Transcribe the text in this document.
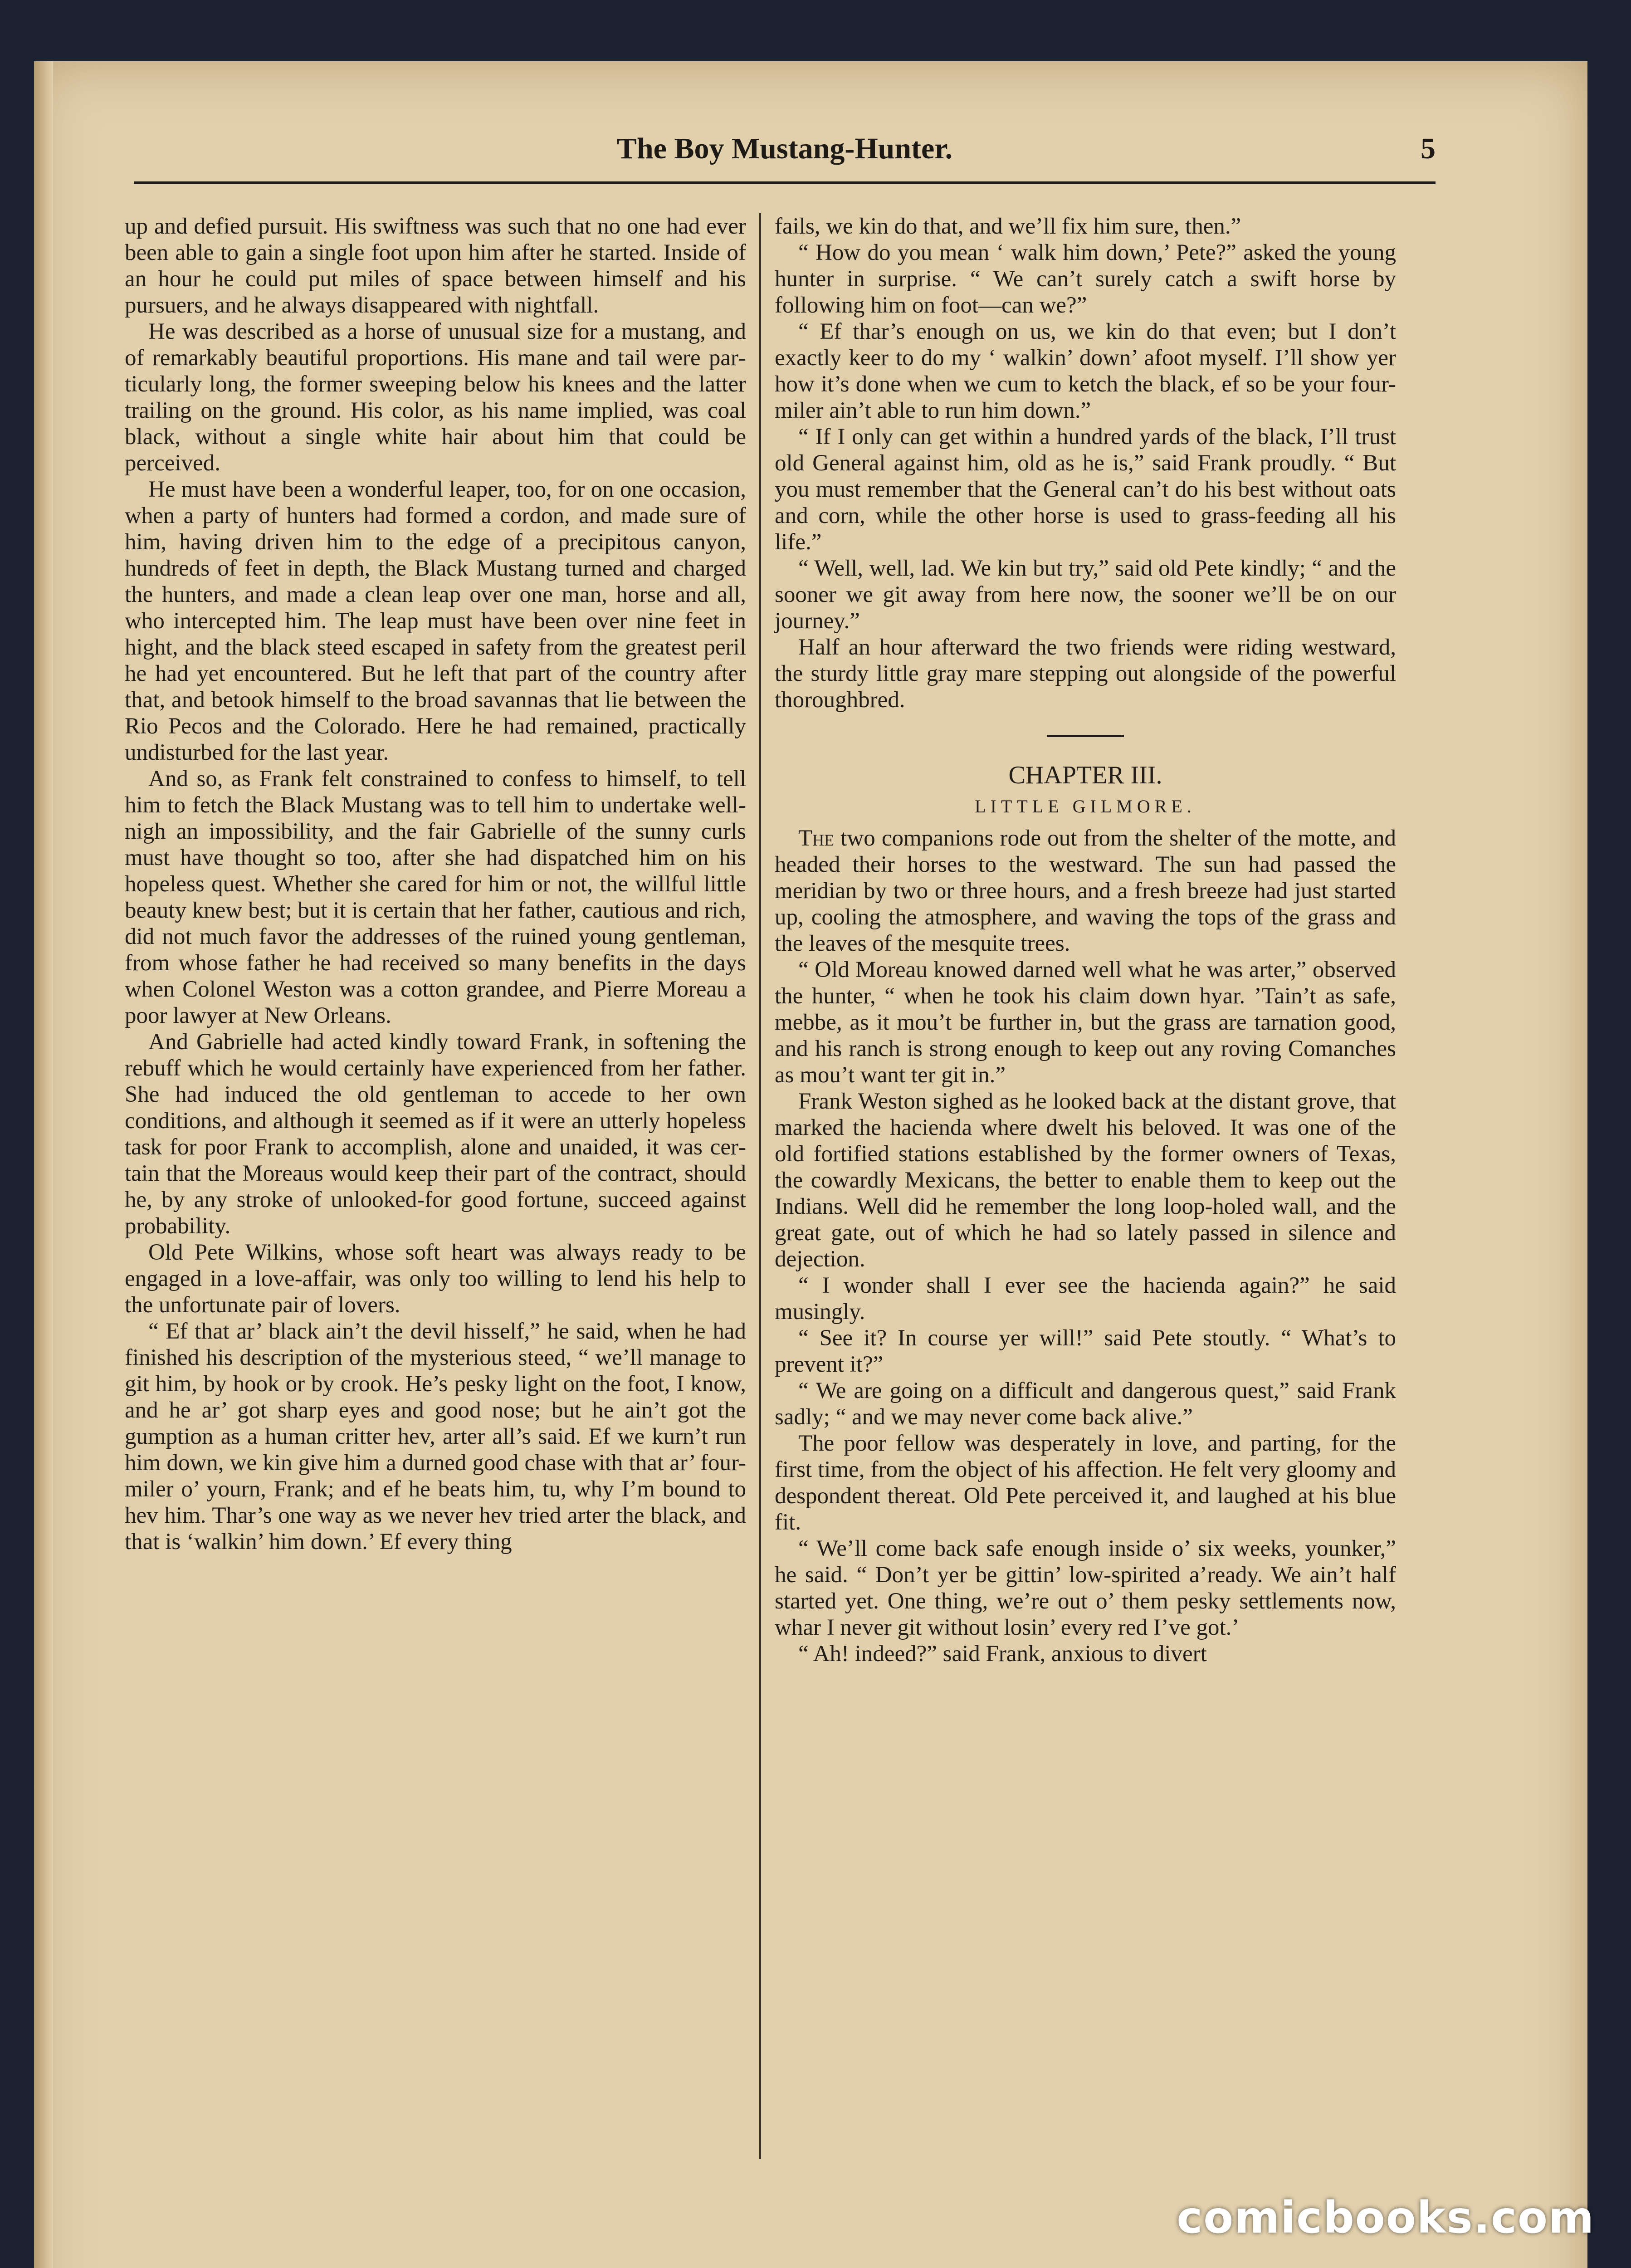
The Boy Mustang-Hunter.	5

up and defied pursuit. His swiftness was such that no one had ever been able to gain a single foot upon him after he started. Inside of an hour he could put miles of space between himself and his pursuers, and he always disappeared with nightfall.

He was described as a horse of unusual size for a mustang, and of remarkably beautiful proportions. His mane and tail were particularly long, the former sweeping below his knees and the latter trailing on the ground. His color, as his name implied, was coal black, without a single white hair about him that could be perceived.

He must have been a wonderful leaper, too, for on one occasion, when a party of hunters had formed a cordon, and made sure of him, having driven him to the edge of a precipitous canyon, hundreds of feet in depth, the Black Mustang turned and charged the hunters, and made a clean leap over one man, horse and all, who intercepted him. The leap must have been over nine feet in hight, and the black steed escaped in safety from the greatest peril he had yet encountered. But he left that part of the country after that, and betook himself to the broad savannas that lie between the Rio Pecos and the Colorado. Here he had remained, practically undisturbed for the last year.

And so, as Frank felt constrained to confess to himself, to tell him to fetch the Black Mustang was to tell him to undertake well-nigh an impossibility, and the fair Gabrielle of the sunny curls must have thought so too, after she had dispatched him on his hopeless quest. Whether she cared for him or not, the willful little beauty knew best; but it is certain that her father, cautious and rich, did not much favor the addresses of the ruined young gentleman, from whose father he had received so many benefits in the days when Colonel Weston was a cotton grandee, and Pierre Moreau a poor lawyer at New Orleans.

And Gabrielle had acted kindly toward Frank, in softening the rebuff which he would certainly have experienced from her father. She had induced the old gentleman to accede to her own conditions, and although it seemed as if it were an utterly hopeless task for poor Frank to accomplish, alone and unaided, it was certain that the Moreaus would keep their part of the contract, should he, by any stroke of unlooked-for good fortune, succeed against probability.

Old Pete Wilkins, whose soft heart was always ready to be engaged in a love-affair, was only too willing to lend his help to the unfortunate pair of lovers.

“ Ef that ar’ black ain’t the devil hisself,” he said, when he had finished his description of the mysterious steed, “ we’ll manage to git him, by hook or by crook. He’s pesky light on the foot, I know, and he ar’ got sharp eyes and good nose; but he ain’t got the gumption as a human critter hev, arter all’s said. Ef we kurn’t run him down, we kin give him a durned good chase with that ar’ four-miler o’ yourn, Frank; and ef he beats him, tu, why I’m bound to hev him. Thar’s one way as we never hev tried arter the black, and that is ‘walkin’ him down.’ Ef every thing

fails, we kin do that, and we’ll fix him sure, then.”

“ How do you mean ‘ walk him down,’ Pete?” asked the young hunter in surprise. “ We can’t surely catch a swift horse by following him on foot—can we?”

“ Ef thar’s enough on us, we kin do that even; but I don’t exactly keer to do my ‘ walkin’ down’ afoot myself. I’ll show yer how it’s done when we cum to ketch the black, ef so be your four-miler ain’t able to run him down.”

“ If I only can get within a hundred yards of the black, I’ll trust old General against him, old as he is,” said Frank proudly. “ But you must remember that the General can’t do his best without oats and corn, while the other horse is used to grass-feeding all his life.”

“ Well, well, lad. We kin but try,” said old Pete kindly; “ and the sooner we git away from here now, the sooner we’ll be on our journey.”

Half an hour afterward the two friends were riding westward, the sturdy little gray mare stepping out alongside of the powerful thoroughbred.

CHAPTER III.

LITTLE GILMORE.

The two companions rode out from the shelter of the motte, and headed their horses to the westward. The sun had passed the meridian by two or three hours, and a fresh breeze had just started up, cooling the atmosphere, and waving the tops of the grass and the leaves of the mesquite trees.

“ Old Moreau knowed darned well what he was arter,” observed the hunter, “ when he took his claim down hyar. ’Tain’t as safe, mebbe, as it mou’t be further in, but the grass are tarnation good, and his ranch is strong enough to keep out any roving Comanches as mou’t want ter git in.”

Frank Weston sighed as he looked back at the distant grove, that marked the hacienda where dwelt his beloved. It was one of the old fortified stations established by the former owners of Texas, the cowardly Mexicans, the better to enable them to keep out the Indians. Well did he remember the long loop-holed wall, and the great gate, out of which he had so lately passed in silence and dejection.

“ I wonder shall I ever see the hacienda again?” he said musingly.

“ See it? In course yer will!” said Pete stoutly. “ What’s to prevent it?”

“ We are going on a difficult and dangerous quest,” said Frank sadly; “ and we may never come back alive.”

The poor fellow was desperately in love, and parting, for the first time, from the object of his affection. He felt very gloomy and despondent thereat. Old Pete perceived it, and laughed at his blue fit.

“ We’ll come back safe enough inside o’ six weeks, younker,” he said. “ Don’t yer be gittin’ low-spirited a’ready. We ain’t half started yet. One thing, we’re out o’ them pesky settlements now, whar I never git without losin’ every red I’ve got.’

“ Ah! indeed?” said Frank, anxious to divert

comicbooks.com
